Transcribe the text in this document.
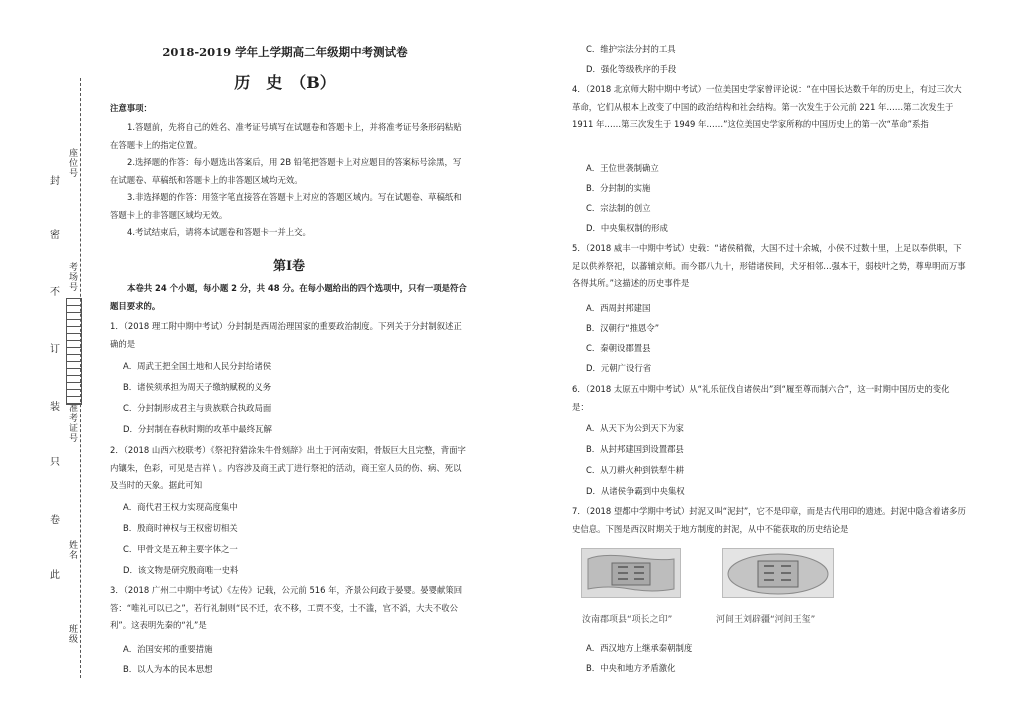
封
密
不
订
装
只
卷
此
座位号
考场号
准考证号
姓名
班级
2018-2019 学年上学期高二年级期中考测试卷
历　史　（B）
注意事项：
1.答题前，先将自己的姓名、准考证号填写在试题卷和答题卡上，并将准考证号条形码粘贴在答题卡上的指定位置。
2.选择题的作答：每小题选出答案后，用 2B 铅笔把答题卡上对应题目的答案标号涂黑，写在试题卷、草稿纸和答题卡上的非答题区域均无效。
3.非选择题的作答：用签字笔直接答在答题卡上对应的答题区域内。写在试题卷、草稿纸和答题卡上的非答题区域均无效。
4.考试结束后，请将本试题卷和答题卡一并上交。
第Ⅰ卷
本卷共 24 个小题，每小题 2 分，共 48 分。在每小题给出的四个选项中，只有一项是符合题目要求的。
1．（2018 理工附中期中考试）分封制是西周治理国家的重要政治制度。下列关于分封制叙述正确的是
A．周武王把全国土地和人民分封给诸侯
B．诸侯须承担为周天子缴纳赋税的义务
C．分封制形成君主与贵族联合执政局面
D．分封制在春秋时期的攻革中最终瓦解
2．（2018 山西六校联考）《祭祀狩猎涂朱牛骨刻辞》出土于河南安阳，骨版巨大且完整，背面字内镶朱，色彩，可见是吉祥 \ 。内容涉及商王武丁进行祭祀的活动，商王室人员的伤、病、死以及当时的天象。据此可知
A．商代君王权力实现高度集中
B．殷商时神权与王权密切相关
C．甲骨文是五种主要字体之一
D．该文物是研究殷商唯一史料
3．（2018 广州二中期中考试）《左传》记载，公元前 516 年，齐景公问政于晏婴。晏婴献策回答：“唯礼可以已之”，若行礼制则“民不迁，农不移，工贾不变，士不滥，官不滔，大夫不收公利”。这表明先秦的“礼”是
A．治国安邦的重要措施
B．以人为本的民本思想
C．维护宗法分封的工具
D．强化等级秩序的手段
4．（2018 北京师大附中期中考试）一位美国史学家曾评论说：“在中国长达数千年的历史上，有过三次大革命，它们从根本上改变了中国的政治结构和社会结构。第一次发生于公元前 221 年……第二次发生于 1911 年……第三次发生于 1949 年……”这位美国史学家所称的中国历史上的第一次“革命”系指
A．王位世袭制确立
B．分封制的实施
C．宗法制的创立
D．中央集权制的形成
5．（2018 威丰一中期中考试）史载：“诸侯稍微，大国不过十余城，小侯不过数十里，上足以奉供职，下足以供养祭祀，以蕃辅京师。而今郡八九十，形错诸侯间，犬牙相邻…强本干，弱枝叶之势，尊卑明而万事各得其所。”这描述的历史事件是
A．西周封邦建国
B．汉朝行“推恩令”
C．秦朝设郡置县
D．元朝广设行省
6．（2018 太原五中期中考试）从“礼乐征伐自诸侯出”到“履至尊而制六合”，这一时期中国历史的变化是：
A．从天下为公到天下为家
B．从封邦建国到设置郡县
C．从刀耕火种到铁犁牛耕
D．从诸侯争霸到中央集权
7．（2018 望都中学期中考试）封泥又叫“泥封”，它不是印章，而是古代用印的遗迹。封泥中隐含着诸多历史信息。下图是西汉时期关于地方制度的封泥，从中不能获取的历史结论是
汝南郡项县“项长之印”	河间王刘辟疆“河间王玺”
A．西汉地方上继承秦朝制度
B．中央和地方矛盾激化
